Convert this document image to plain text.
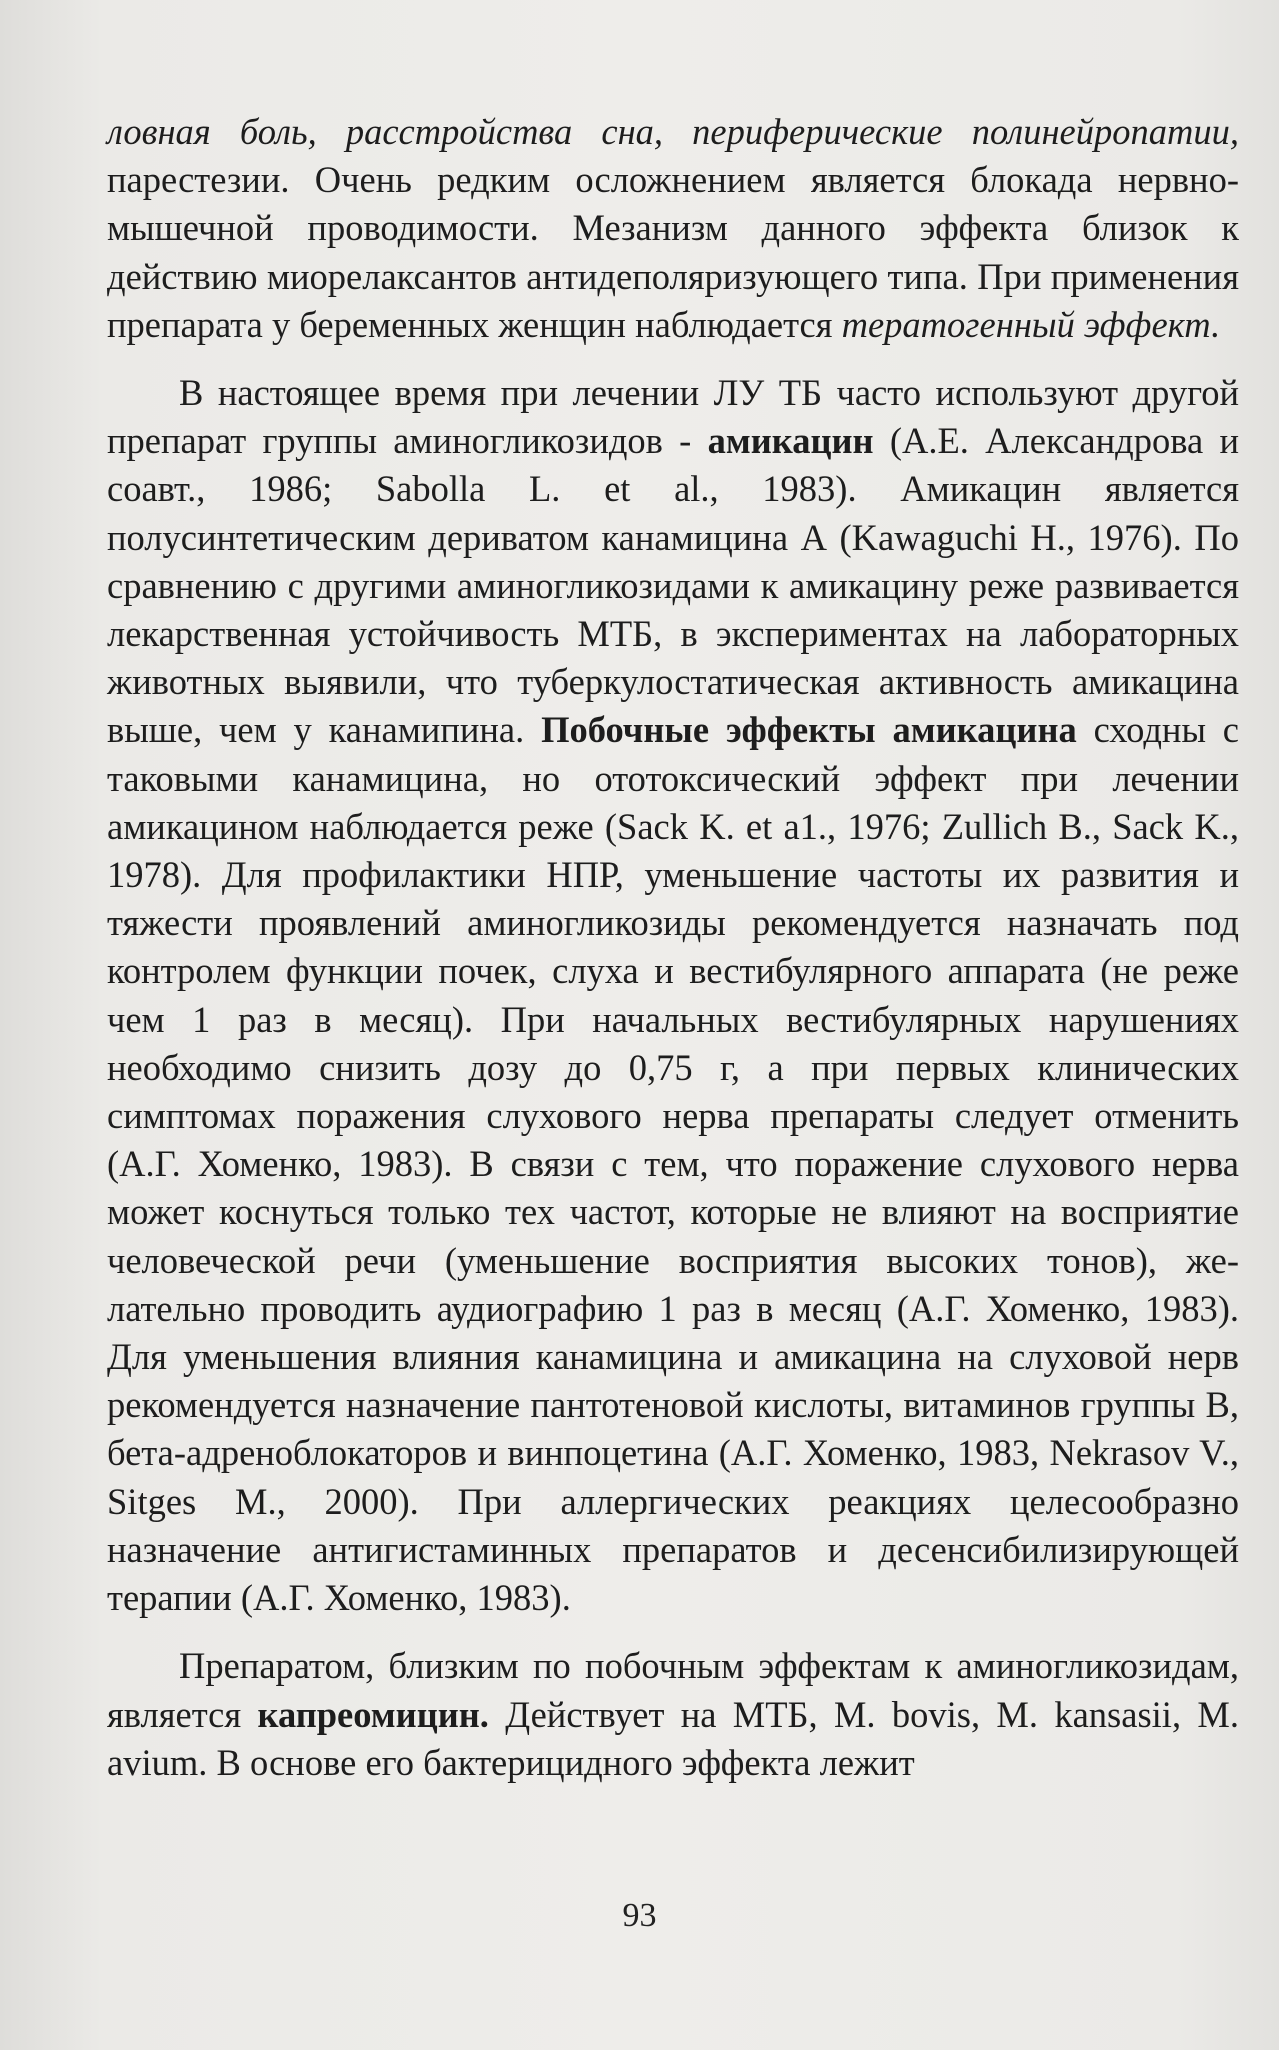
ловная боль, расстройства сна, периферические полинейропатии, парестезии. Очень редким осложнением является блокада нервно-мышечной проводимости. Мезанизм данного эффекта близок к действию миорелаксантов антидеполяризующего типа. При применения препарата у беременных женщин наблюдается тератогенный эффект.

В настоящее время при лечении ЛУ ТБ часто используют другой препарат группы аминогликозидов - амикацин (А.Е. Александрова и соавт., 1986; Sabolla L. et al., 1983). Амикацин является полусинтетическим дериватом канамицина А (Kawaguchi H., 1976). По сравнению с другими аминогликозидами к амикацину реже развивается лекарственная устойчивость МТБ, в экспериментах на лабораторных животных выявили, что туберкулостатическая активность амикацина выше, чем у канамипина. Побочные эффекты амикацина сходны с таковыми канамицина, но ототоксический эффект при лечении амикацином наблюдается реже (Sack K. et a1., 1976; Zullich B., Sack K., 1978). Для профилактики НПР, уменьшение частоты их развития и тяжести проявлений аминогликозиды рекомендуется назначать под контролем функции почек, слуха и вестибулярного аппарата (не реже чем 1 раз в месяц). При начальных вестибулярных нарушениях необходимо снизить дозу до 0,75 г, а при первых клинических симптомах поражения слухового нерва препараты следует отменить (А.Г. Хоменко, 1983). В связи с тем, что поражение слухового нерва может коснуться только тех частот, которые не влияют на восприятие человеческой речи (уменьшение восприятия высоких тонов), желательно проводить аудиографию 1 раз в месяц (А.Г. Хоменко, 1983). Для уменьшения влияния канамицина и амикацина на слуховой нерв рекомендуется назначение пантотеновой кислоты, витаминов группы В, бета-адреноблокаторов и винпоцетина (А.Г. Хоменко, 1983, Nekrasov V., Sitges M., 2000). При аллергических реакциях целесообразно назначение антигистаминных препаратов и десенсибилизирующей терапии (А.Г. Хоменко, 1983).

Препаратом, близким по побочным эффектам к аминогликозидам, является капреомицин. Действует на МТБ, M. bovis, M. kansasii, M. avium. В основе его бактерицидного эффекта лежит

93
